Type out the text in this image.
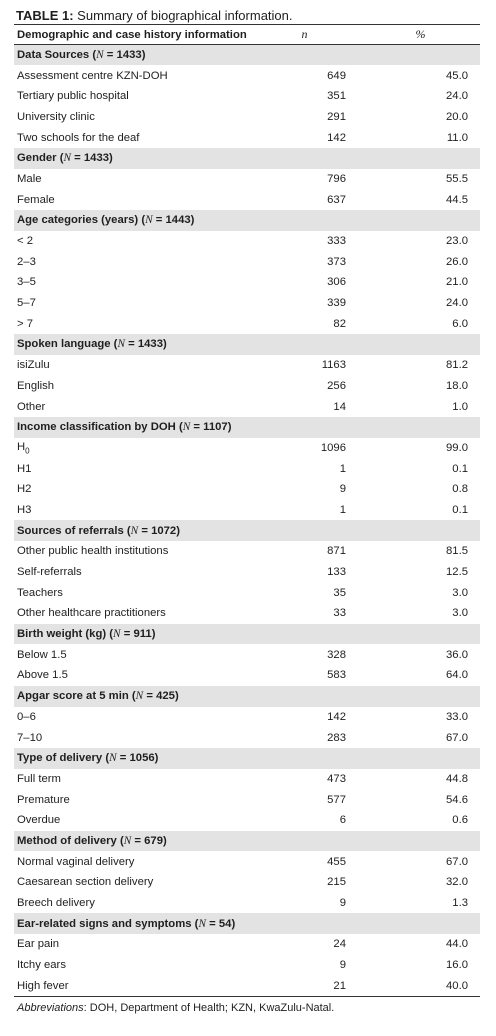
TABLE 1: Summary of biographical information.
Demographic and case history information	n	%
Data Sources (N = 1433)		
Assessment centre KZN-DOH	649	45.0
Tertiary public hospital	351	24.0
University clinic	291	20.0
Two schools for the deaf	142	11.0
Gender (N = 1433)		
Male	796	55.5
Female	637	44.5
Age categories (years) (N = 1443)		
< 2	333	23.0
2–3	373	26.0
3–5	306	21.0
5–7	339	24.0
> 7	82	6.0
Spoken language (N = 1433)		
isiZulu	1163	81.2
English	256	18.0
Other	14	1.0
Income classification by DOH (N = 1107)		
$H_0$	1096	99.0
H1	1	0.1
H2	9	0.8
H3	1	0.1
Sources of referrals (N = 1072)		
Other public health institutions	871	81.5
Self-referrals	133	12.5
Teachers	35	3.0
Other healthcare practitioners	33	3.0
Birth weight (kg) (N = 911)		
Below 1.5	328	36.0
Above 1.5	583	64.0
Apgar score at 5 min (N = 425)		
0–6	142	33.0
7–10	283	67.0
Type of delivery (N = 1056)		
Full term	473	44.8
Premature	577	54.6
Overdue	6	0.6
Method of delivery (N = 679)		
Normal vaginal delivery	455	67.0
Caesarean section delivery	215	32.0
Breech delivery	9	1.3
Ear-related signs and symptoms (N = 54)		
Ear pain	24	44.0
Itchy ears	9	16.0
High fever	21	40.0
Abbreviations: DOH, Department of Health; KZN, KwaZulu-Natal.
